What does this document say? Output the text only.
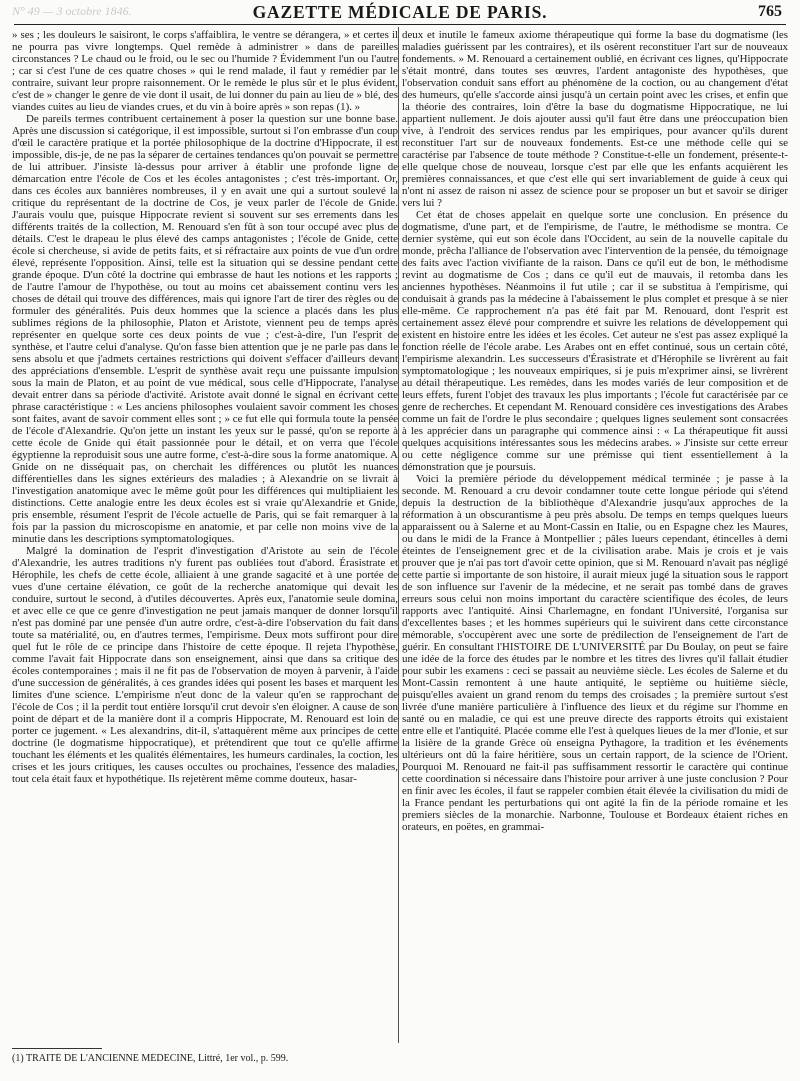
N° 49 — 3 octobre 1846.	GAZETTE MÉDICALE DE PARIS.	765

» ses ; les douleurs le saisiront, le corps s'affaiblira, le ventre se dérangera, » et certes il ne pourra pas vivre longtemps. Quel remède à administrer » dans de pareilles circonstances ? Le chaud ou le froid, ou le sec ou l'humide ? Évidemment l'un ou l'autre ; car si c'est l'une de ces quatre choses » qui le rend malade, il faut y remédier par le contraire, suivant leur propre raisonnement. Or le remède le plus sûr et le plus évident, c'est de » changer le genre de vie dont il usait, de lui donner du pain au lieu de » blé, des viandes cuites au lieu de viandes crues, et du vin à boire après » son repas (1). »

De pareils termes contribuent certainement à poser la question sur une bonne base. Après une discussion si catégorique, il est impossible, surtout si l'on embrasse d'un coup d'œil le caractère pratique et la portée philosophique de la doctrine d'Hippocrate, il est impossible, dis-je, de ne pas la séparer de certaines tendances qu'on pouvait se permettre de lui attribuer. J'insiste là-dessus pour arriver à établir une profonde ligne de démarcation entre l'école de Cos et les écoles antagonistes ; c'est très-important. Or, dans ces écoles aux bannières nombreuses, il y en avait une qui a surtout soulevé la critique du représentant de la doctrine de Cos, je veux parler de l'école de Gnide. J'aurais voulu que, puisque Hippocrate revient si souvent sur ses errements dans les différents traités de la collection, M. Renouard s'en fût à son tour occupé avec plus de détails. C'est le drapeau le plus élevé des camps antagonistes ; l'école de Gnide, cette école si chercheuse, si avide de petits faits, et si réfractaire aux points de vue d'un ordre élevé, représente l'opposition. Ainsi, telle est la situation qui se dessine pendant cette grande époque. D'un côté la doctrine qui embrasse de haut les notions et les rapports ; de l'autre l'amour de l'hypothèse, ou tout au moins cet abaissement continu vers les choses de détail qui trouve des différences, mais qui ignore l'art de tirer des règles ou de formuler des généralités. Puis deux hommes que la science a placés dans les plus sublimes régions de la philosophie, Platon et Aristote, viennent peu de temps après représenter en quelque sorte ces deux points de vue ; c'est-à-dire, l'un l'esprit de synthèse, et l'autre celui d'analyse. Qu'on fasse bien attention que je ne parle pas dans le sens absolu et que j'admets certaines restrictions qui doivent s'effacer d'ailleurs devant des appréciations d'ensemble. L'esprit de synthèse avait reçu une puissante impulsion sous la main de Platon, et au point de vue médical, sous celle d'Hippocrate, l'analyse devait entrer dans sa période d'activité. Aristote avait donné le signal en écrivant cette phrase caractéristique : « Les anciens philosophes voulaient savoir comment les choses sont faites, avant de savoir comment elles sont ; » ce fut elle qui formula toute la pensée de l'école d'Alexandrie. Qu'on jette un instant les yeux sur le passé, qu'on se reporte à cette école de Gnide qui était passionnée pour le détail, et on verra que l'école égyptienne la reproduisit sous une autre forme, c'est-à-dire sous la forme anatomique. A Gnide on ne disséquait pas, on cherchait les différences ou plutôt les nuances différentielles dans les signes extérieurs des maladies ; à Alexandrie on se livrait à l'investigation anatomique avec le même goût pour les différences qui multipliaient les distinctions. Cette analogie entre les deux écoles est si vraie qu'Alexandrie et Gnide, pris ensemble, résument l'esprit de l'école actuelle de Paris, qui se fait remarquer à la fois par la passion du microscopisme en anatomie, et par celle non moins vive de la minutie dans les descriptions symptomatologiques.

Malgré la domination de l'esprit d'investigation d'Aristote au sein de l'école d'Alexandrie, les autres traditions n'y furent pas oubliées tout d'abord. Érasistrate et Hérophile, les chefs de cette école, alliaient à une grande sagacité et à une portée de vues d'une certaine élévation, ce goût de la recherche anatomique qui devait les conduire, surtout le second, à d'utiles découvertes. Après eux, l'anatomie seule domina, et avec elle ce que ce genre d'investigation ne peut jamais manquer de donner lorsqu'il n'est pas dominé par une pensée d'un autre ordre, c'est-à-dire l'observation du fait dans toute sa matérialité, ou, en d'autres termes, l'empirisme. Deux mots suffiront pour dire quel fut le rôle de ce principe dans l'histoire de cette époque. Il rejeta l'hypothèse, comme l'avait fait Hippocrate dans son enseignement, ainsi que dans sa critique des écoles contemporaines ; mais il ne fit pas de l'observation de moyen à parvenir, à l'aide d'une succession de généralités, à ces grandes idées qui posent les bases et marquent les limites d'une science. L'empirisme n'eut donc de la valeur qu'en se rapprochant de l'école de Cos ; il la perdit tout entière lorsqu'il crut devoir s'en éloigner. A cause de son point de départ et de la manière dont il a compris Hippocrate, M. Renouard est loin de porter ce jugement. « Les alexandrins, dit-il, s'attaquèrent même aux principes de cette doctrine (le dogmatisme hippocratique), et prétendirent que tout ce qu'elle affirme touchant les éléments et les qualités élémentaires, les humeurs cardinales, la coction, les crises et les jours critiques, les causes occultes ou prochaines, l'essence des maladies, tout cela était faux et hypothétique. Ils rejetèrent même comme douteux, hasar-

deux et inutile le fameux axiome thérapeutique qui forme la base du dogmatisme (les maladies guérissent par les contraires), et ils osèrent reconstituer l'art sur de nouveaux fondements. » M. Renouard a certainement oublié, en écrivant ces lignes, qu'Hippocrate s'était montré, dans toutes ses œuvres, l'ardent antagoniste des hypothèses, que l'observation conduit sans effort au phénomène de la coction, ou au changement d'état des humeurs, qu'elle s'accorde ainsi jusqu'à un certain point avec les crises, et enfin que la théorie des contraires, loin d'être la base du dogmatisme Hippocratique, ne lui appartient nullement. Je dois ajouter aussi qu'il faut être dans une préoccupation bien vive, à l'endroit des services rendus par les empiriques, pour avancer qu'ils durent reconstituer l'art sur de nouveaux fondements. Est-ce une méthode celle qui se caractérise par l'absence de toute méthode ? Constitue-t-elle un fondement, présente-t-elle quelque chose de nouveau, lorsque c'est par elle que les enfants acquièrent les premières connaissances, et que c'est elle qui sert invariablement de guide à ceux qui n'ont ni assez de raison ni assez de science pour se proposer un but et savoir se diriger vers lui ?

Cet état de choses appelait en quelque sorte une conclusion. En présence du dogmatisme, d'une part, et de l'empirisme, de l'autre, le méthodisme se montra. Ce dernier système, qui eut son école dans l'Occident, au sein de la nouvelle capitale du monde, prêcha l'alliance de l'observation avec l'intervention de la pensée, du témoignage des faits avec l'action vivifiante de la raison. Dans ce qu'il eut de bon, le méthodisme revint au dogmatisme de Cos ; dans ce qu'il eut de mauvais, il retomba dans les anciennes hypothèses. Néanmoins il fut utile ; car il se substitua à l'empirisme, qui conduisait à grands pas la médecine à l'abaissement le plus complet et presque à se nier elle-même. Ce rapprochement n'a pas été fait par M. Renouard, dont l'esprit est certainement assez élevé pour comprendre et suivre les relations de développement qui existent en histoire entre les idées et les écoles. Cet auteur ne s'est pas assez expliqué la fonction réelle de l'école arabe. Les Arabes ont en effet continué, sous un certain côté, l'empirisme alexandrin. Les successeurs d'Érasistrate et d'Hérophile se livrèrent au fait symptomatologique ; les nouveaux empiriques, si je puis m'exprimer ainsi, se livrèrent au détail thérapeutique. Les remèdes, dans les modes variés de leur composition et de leurs effets, furent l'objet des travaux les plus importants ; l'école fut caractérisée par ce genre de recherches. Et cependant M. Renouard considère ces investigations des Arabes comme un fait de l'ordre le plus secondaire ; quelques lignes seulement sont consacrées à les apprécier dans un paragraphe qui commence ainsi : « La thérapeutique fit aussi quelques acquisitions intéressantes sous les médecins arabes. » J'insiste sur cette erreur ou cette négligence comme sur une prémisse qui tient essentiellement à la démonstration que je poursuis.

Voici la première période du développement médical terminée ; je passe à la seconde. M. Renouard a cru devoir condamner toute cette longue période qui s'étend depuis la destruction de la bibliothèque d'Alexandrie jusqu'aux approches de la réformation à un obscurantisme à peu près absolu. De temps en temps quelques lueurs apparaissent ou à Salerne et au Mont-Cassin en Italie, ou en Espagne chez les Maures, ou dans le midi de la France à Montpellier ; pâles lueurs cependant, étincelles à demi éteintes de l'enseignement grec et de la civilisation arabe. Mais je crois et je vais prouver que je n'ai pas tort d'avoir cette opinion, que si M. Renouard n'avait pas négligé cette partie si importante de son histoire, il aurait mieux jugé la situation sous le rapport de son influence sur l'avenir de la médecine, et ne serait pas tombé dans de graves erreurs sous celui non moins important du caractère scientifique des écoles, de leurs rapports avec l'antiquité. Ainsi Charlemagne, en fondant l'Université, l'organisa sur d'excellentes bases ; et les hommes supérieurs qui le suivirent dans cette circonstance mémorable, s'occupèrent avec une sorte de prédilection de l'enseignement de l'art de guérir. En consultant l'HISTOIRE DE L'UNIVERSITÉ par Du Boulay, on peut se faire une idée de la force des études par le nombre et les titres des livres qu'il fallait étudier pour subir les examens : ceci se passait au neuvième siècle. Les écoles de Salerne et du Mont-Cassin remontent à une haute antiquité, le septième ou huitième siècle, puisqu'elles avaient un grand renom du temps des croisades ; la première surtout s'est livrée d'une manière particulière à l'influence des lieux et du régime sur l'homme en santé ou en maladie, ce qui est une preuve directe des rapports étroits qui existaient entre elle et l'antiquité. Placée comme elle l'est à quelques lieues de la mer d'Ionie, et sur la lisière de la grande Grèce où enseigna Pythagore, la tradition et les événements ultérieurs ont dû la faire héritière, sous un certain rapport, de la science de l'Orient. Pourquoi M. Renouard ne fait-il pas suffisamment ressortir le caractère qui continue cette coordination si nécessaire dans l'histoire pour arriver à une juste conclusion ? Pour en finir avec les écoles, il faut se rappeler combien était élevée la civilisation du midi de la France pendant les perturbations qui ont agité la fin de la période romaine et les premiers siècles de la monarchie. Narbonne, Toulouse et Bordeaux étaient riches en orateurs, en poëtes, en grammai-

(1) TRAITÉ DE L'ANCIENNE MÉDECINE, Littré, 1er vol., p. 599.
